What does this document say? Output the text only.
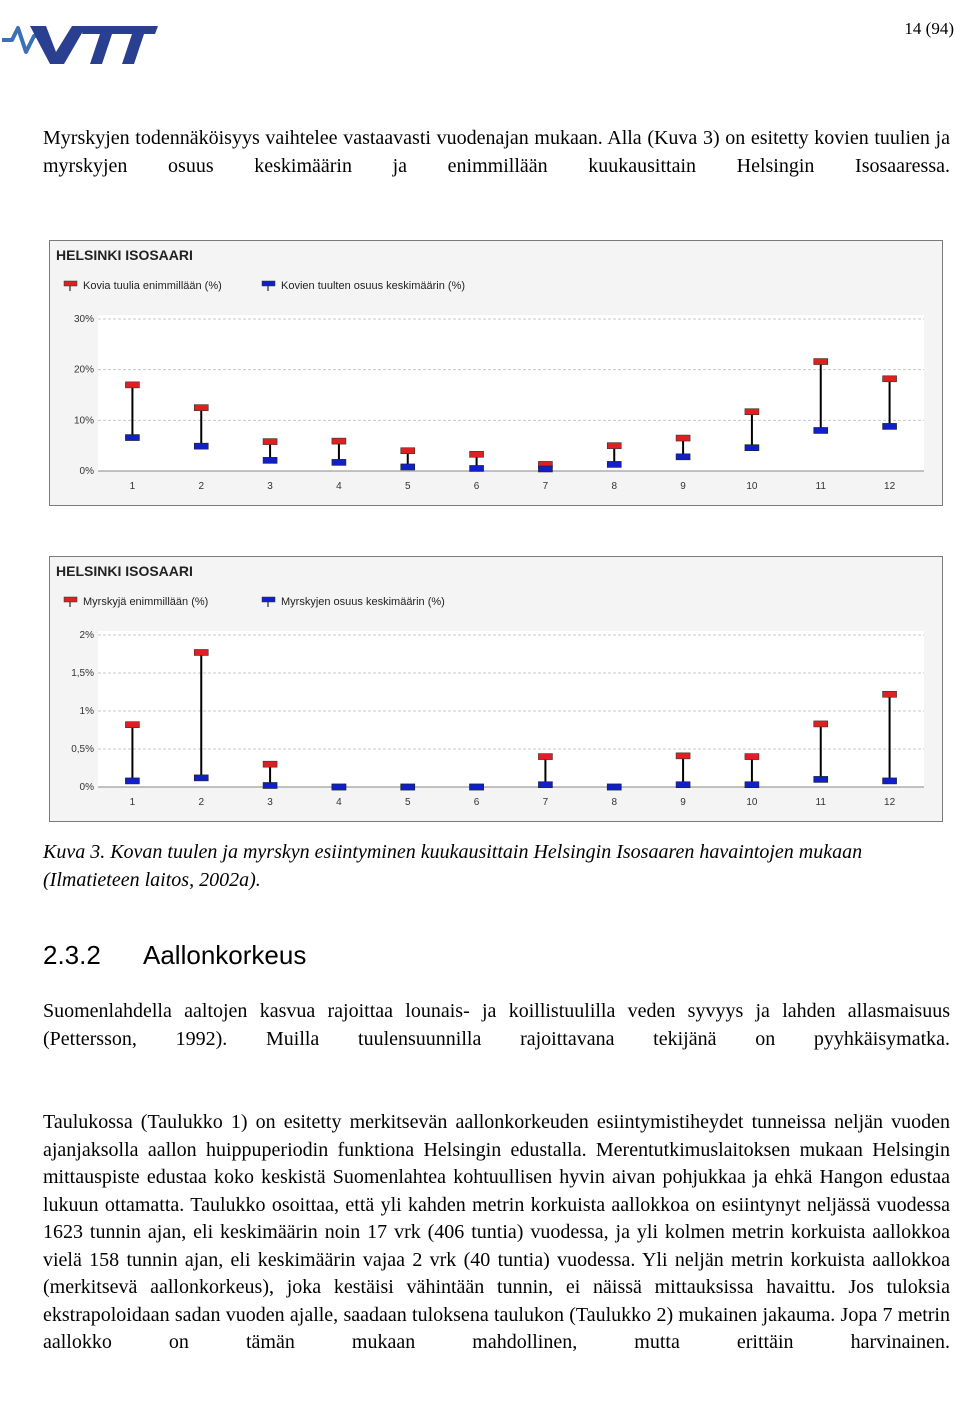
14 (94)

Myrskyjen todennäköisyys vaihtelee vastaavasti vuodenajan mukaan. Alla (Kuva 3) on esitetty kovien tuulien ja myrskyjen osuus keskimäärin ja enimmillään kuukausittain Helsingin Isosaaressa.

HELSINKI ISOSAARI
Kovia tuulia enimmillään (%)	Kovien tuulten osuus keskimäärin (%)
0%
10%
20%
30%
1	2	3	4	5	6	7	8	9	10	11	12
HELSINKI ISOSAARI
Myrskyjä enimmillään (%)	Myrskyjen osuus keskimäärin (%)
0%
0,5%
1%
1,5%
2%
1	2	3	4	5	6	7	8	9	10	11	12

Kuva 3. Kovan tuulen ja myrskyn esiintyminen kuukausittain Helsingin Isosaaren havaintojen mukaan (Ilmatieteen laitos, 2002a).

2.3.2 Aallonkorkeus

Suomenlahdella aaltojen kasvua rajoittaa lounais- ja koillistuulilla veden syvyys ja lahden allasmaisuus (Pettersson, 1992). Muilla tuulensuunnilla rajoittavana tekijänä on pyyhkäisymatka.

Taulukossa (Taulukko 1) on esitetty merkitsevän aallonkorkeuden esiintymistiheydet tunneissa neljän vuoden ajanjaksolla aallon huippuperiodin funktiona Helsingin edustalla. Merentutkimuslaitoksen mukaan Helsingin mittauspiste edustaa koko keskistä Suomenlahtea kohtuullisen hyvin aivan pohjukkaa ja ehkä Hangon edustaa lukuun ottamatta. Taulukko osoittaa, että yli kahden metrin korkuista aallokkoa on esiintynyt neljässä vuodessa 1623 tunnin ajan, eli keskimäärin noin 17 vrk (406 tuntia) vuodessa, ja yli kolmen metrin korkuista aallokkoa vielä 158 tunnin ajan, eli keskimäärin vajaa 2 vrk (40 tuntia) vuodessa. Yli neljän metrin korkuista aallokkoa (merkitsevä aallonkorkeus), joka kestäisi vähintään tunnin, ei näissä mittauksissa havaittu. Jos tuloksia ekstrapoloidaan sadan vuoden ajalle, saadaan tuloksena taulukon (Taulukko 2) mukainen jakauma. Jopa 7 metrin aallokko on tämän mukaan mahdollinen, mutta erittäin harvinainen.
